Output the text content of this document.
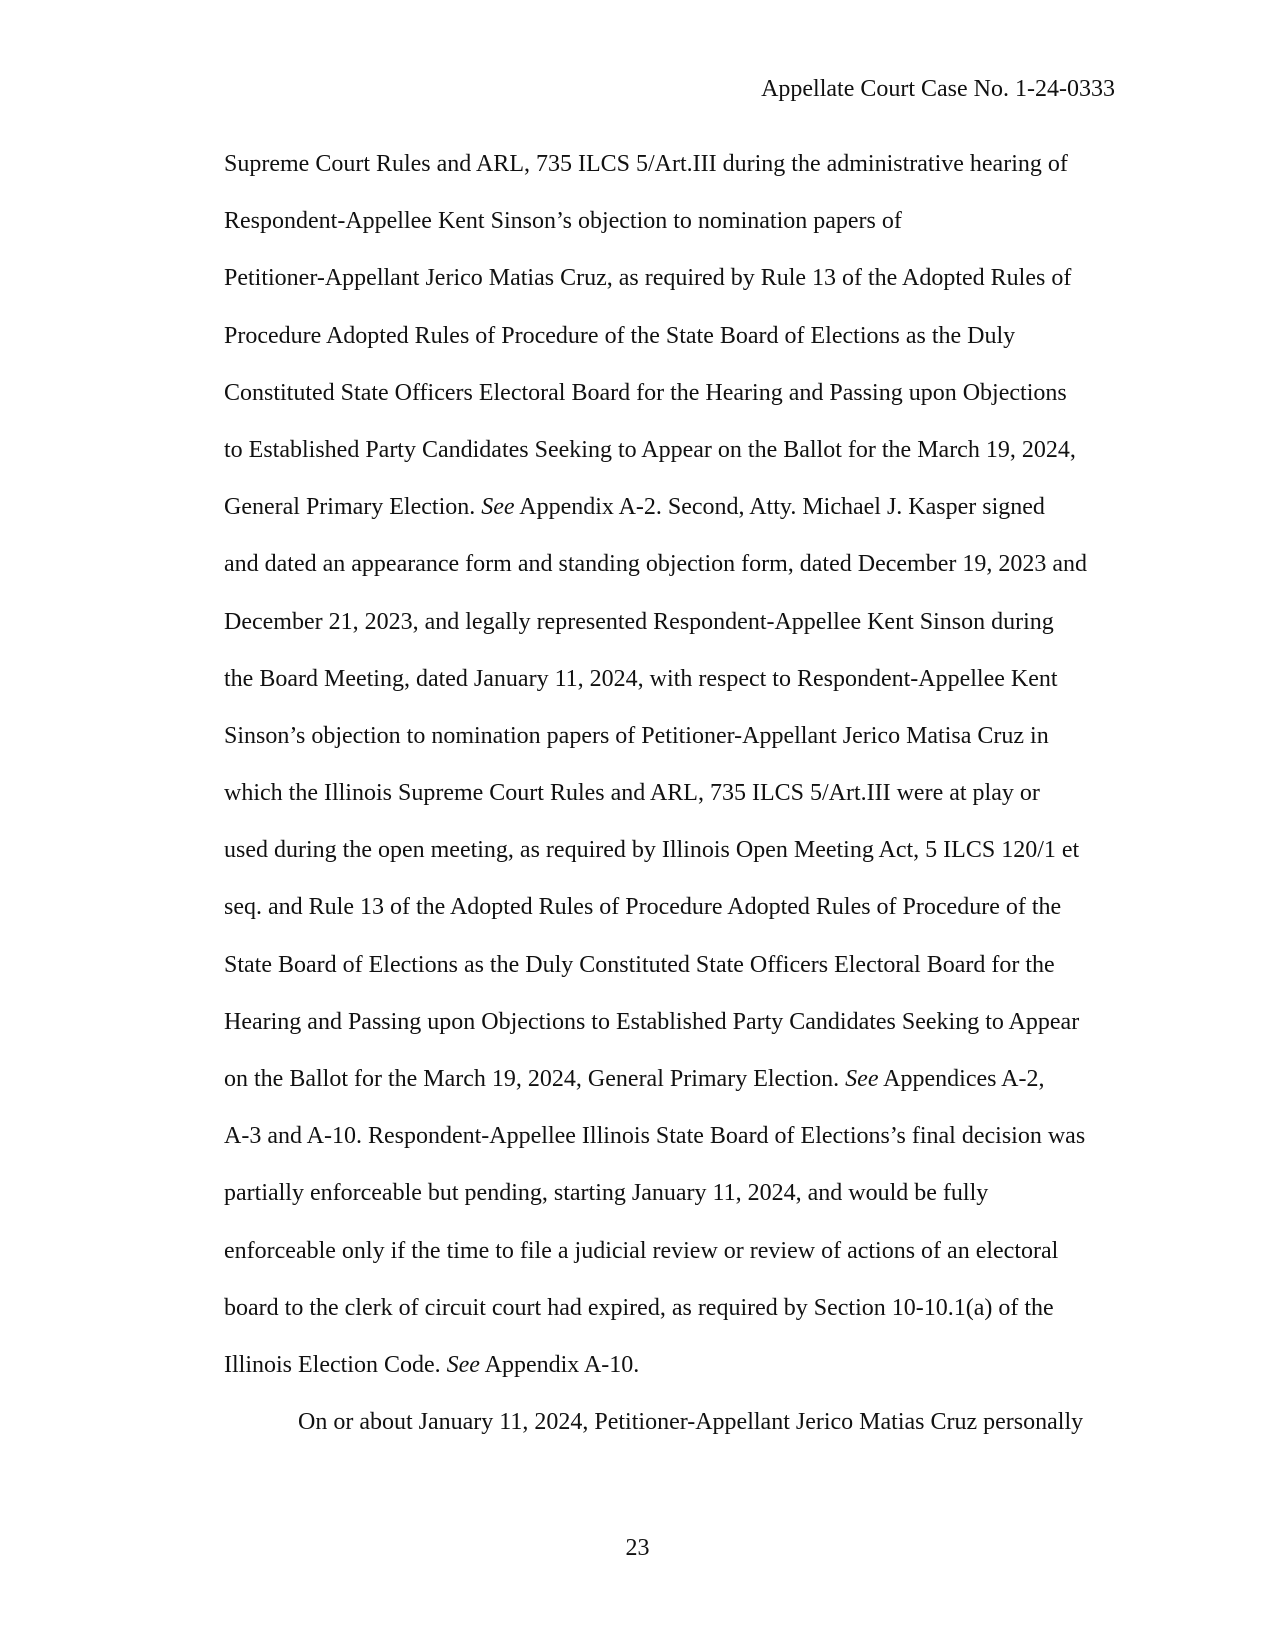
Appellate Court Case No. 1-24-0333
Supreme Court Rules and ARL, 735 ILCS 5/Art.III during the administrative hearing of
Respondent-Appellee Kent Sinson’s objection to nomination papers of
Petitioner-Appellant Jerico Matias Cruz, as required by Rule 13 of the Adopted Rules of
Procedure Adopted Rules of Procedure of the State Board of Elections as the Duly
Constituted State Officers Electoral Board for the Hearing and Passing upon Objections
to Established Party Candidates Seeking to Appear on the Ballot for the March 19, 2024,
General Primary Election. See Appendix A-2. Second, Atty. Michael J. Kasper signed
and dated an appearance form and standing objection form, dated December 19, 2023 and
December 21, 2023, and legally represented Respondent-Appellee Kent Sinson during
the Board Meeting, dated January 11, 2024, with respect to Respondent-Appellee Kent
Sinson’s objection to nomination papers of Petitioner-Appellant Jerico Matisa Cruz in
which the Illinois Supreme Court Rules and ARL, 735 ILCS 5/Art.III were at play or
used during the open meeting, as required by Illinois Open Meeting Act, 5 ILCS 120/1 et
seq. and Rule 13 of the Adopted Rules of Procedure Adopted Rules of Procedure of the
State Board of Elections as the Duly Constituted State Officers Electoral Board for the
Hearing and Passing upon Objections to Established Party Candidates Seeking to Appear
on the Ballot for the March 19, 2024, General Primary Election. See Appendices A-2,
A-3 and A-10. Respondent-Appellee Illinois State Board of Elections’s final decision was
partially enforceable but pending, starting January 11, 2024, and would be fully
enforceable only if the time to file a judicial review or review of actions of an electoral
board to the clerk of circuit court had expired, as required by Section 10-10.1(a) of the
Illinois Election Code. See Appendix A-10.
On or about January 11, 2024, Petitioner-Appellant Jerico Matias Cruz personally
23
